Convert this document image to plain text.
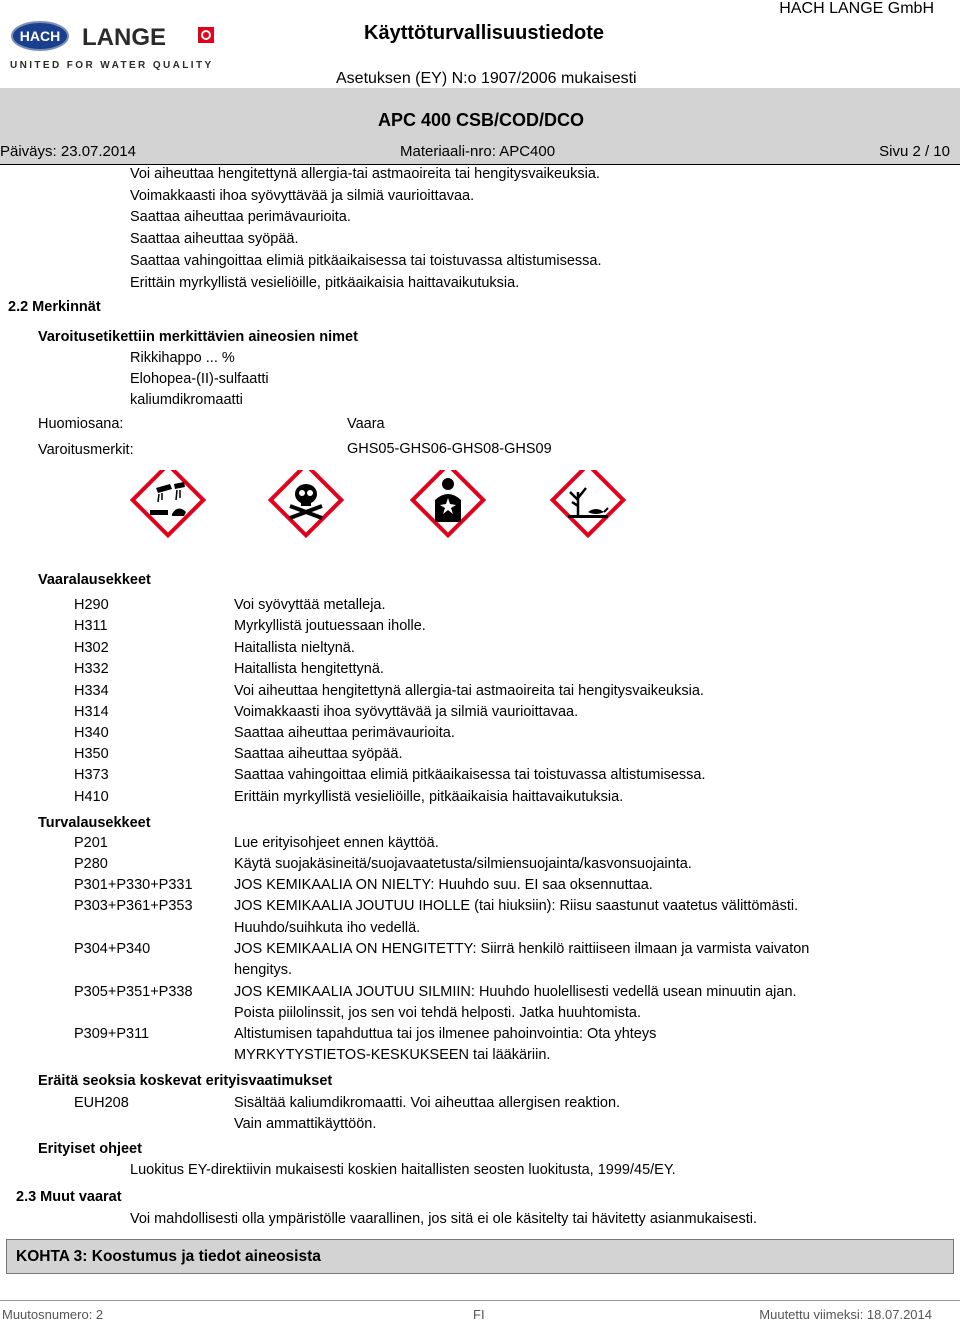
HACH LANGE
UNITED FOR WATER QUALITY
Käyttöturvallisuustiedote
HACH LANGE GmbH
Asetuksen (EY) N:o 1907/2006 mukaisesti
APC 400 CSB/COD/DCO
Päiväys: 23.07.2014	Materiaali-nro: APC400	Sivu 2 / 10
Voi aiheuttaa hengitettynä allergia-tai astmaoireita tai hengitysvaikeuksia.
Voimakkaasti ihoa syövyttävää ja silmiä vaurioittavaa.
Saattaa aiheuttaa perimävaurioita.
Saattaa aiheuttaa syöpää.
Saattaa vahingoittaa elimiä pitkäaikaisessa tai toistuvassa altistumisessa.
Erittäin myrkyllistä vesieliöille, pitkäaikaisia haittavaikutuksia.
2.2 Merkinnät
Varoitusetikettiin merkittävien aineosien nimet
Rikkihappo ... %
Elohopea-(II)-sulfaatti
kaliumdikromaatti
Huomiosana:	Vaara
Varoitusmerkit:	GHS05-GHS06-GHS08-GHS09
Vaaralausekkeet
H290	Voi syövyttää metalleja.
H311	Myrkyllistä joutuessaan iholle.
H302	Haitallista nieltynä.
H332	Haitallista hengitettynä.
H334	Voi aiheuttaa hengitettynä allergia-tai astmaoireita tai hengitysvaikeuksia.
H314	Voimakkaasti ihoa syövyttävää ja silmiä vaurioittavaa.
H340	Saattaa aiheuttaa perimävaurioita.
H350	Saattaa aiheuttaa syöpää.
H373	Saattaa vahingoittaa elimiä pitkäaikaisessa tai toistuvassa altistumisessa.
H410	Erittäin myrkyllistä vesieliöille, pitkäaikaisia haittavaikutuksia.
Turvalausekkeet
P201	Lue erityisohjeet ennen käyttöä.
P280	Käytä suojakäsineitä/suojavaatetusta/silmiensuojainta/kasvonsuojainta.
P301+P330+P331	JOS KEMIKAALIA ON NIELTY: Huuhdo suu. EI saa oksennuttaa.
P303+P361+P353	JOS KEMIKAALIA JOUTUU IHOLLE (tai hiuksiin): Riisu saastunut vaatetus välittömästi.
Huuhdo/suihkuta iho vedellä.
P304+P340	JOS KEMIKAALIA ON HENGITETTY: Siirrä henkilö raittiiseen ilmaan ja varmista vaivaton
hengitys.
P305+P351+P338	JOS KEMIKAALIA JOUTUU SILMIIN: Huuhdo huolellisesti vedellä usean minuutin ajan.
Poista piilolinssit, jos sen voi tehdä helposti. Jatka huuhtomista.
P309+P311	Altistumisen tapahduttua tai jos ilmenee pahoinvointia: Ota yhteys
MYRKYTYSTIETOS-KESKUKSEEN tai lääkäriin.
Eräitä seoksia koskevat erityisvaatimukset
EUH208	Sisältää kaliumdikromaatti. Voi aiheuttaa allergisen reaktion.
Vain ammattikäyttöön.
Erityiset ohjeet
Luokitus EY-direktiivin mukaisesti koskien haitallisten seosten luokitusta, 1999/45/EY.
2.3 Muut vaarat
Voi mahdollisesti olla ympäristölle vaarallinen, jos sitä ei ole käsitelty tai hävitetty asianmukaisesti.
KOHTA 3: Koostumus ja tiedot aineosista
Muutosnumero: 2	FI	Muutettu viimeksi: 18.07.2014
